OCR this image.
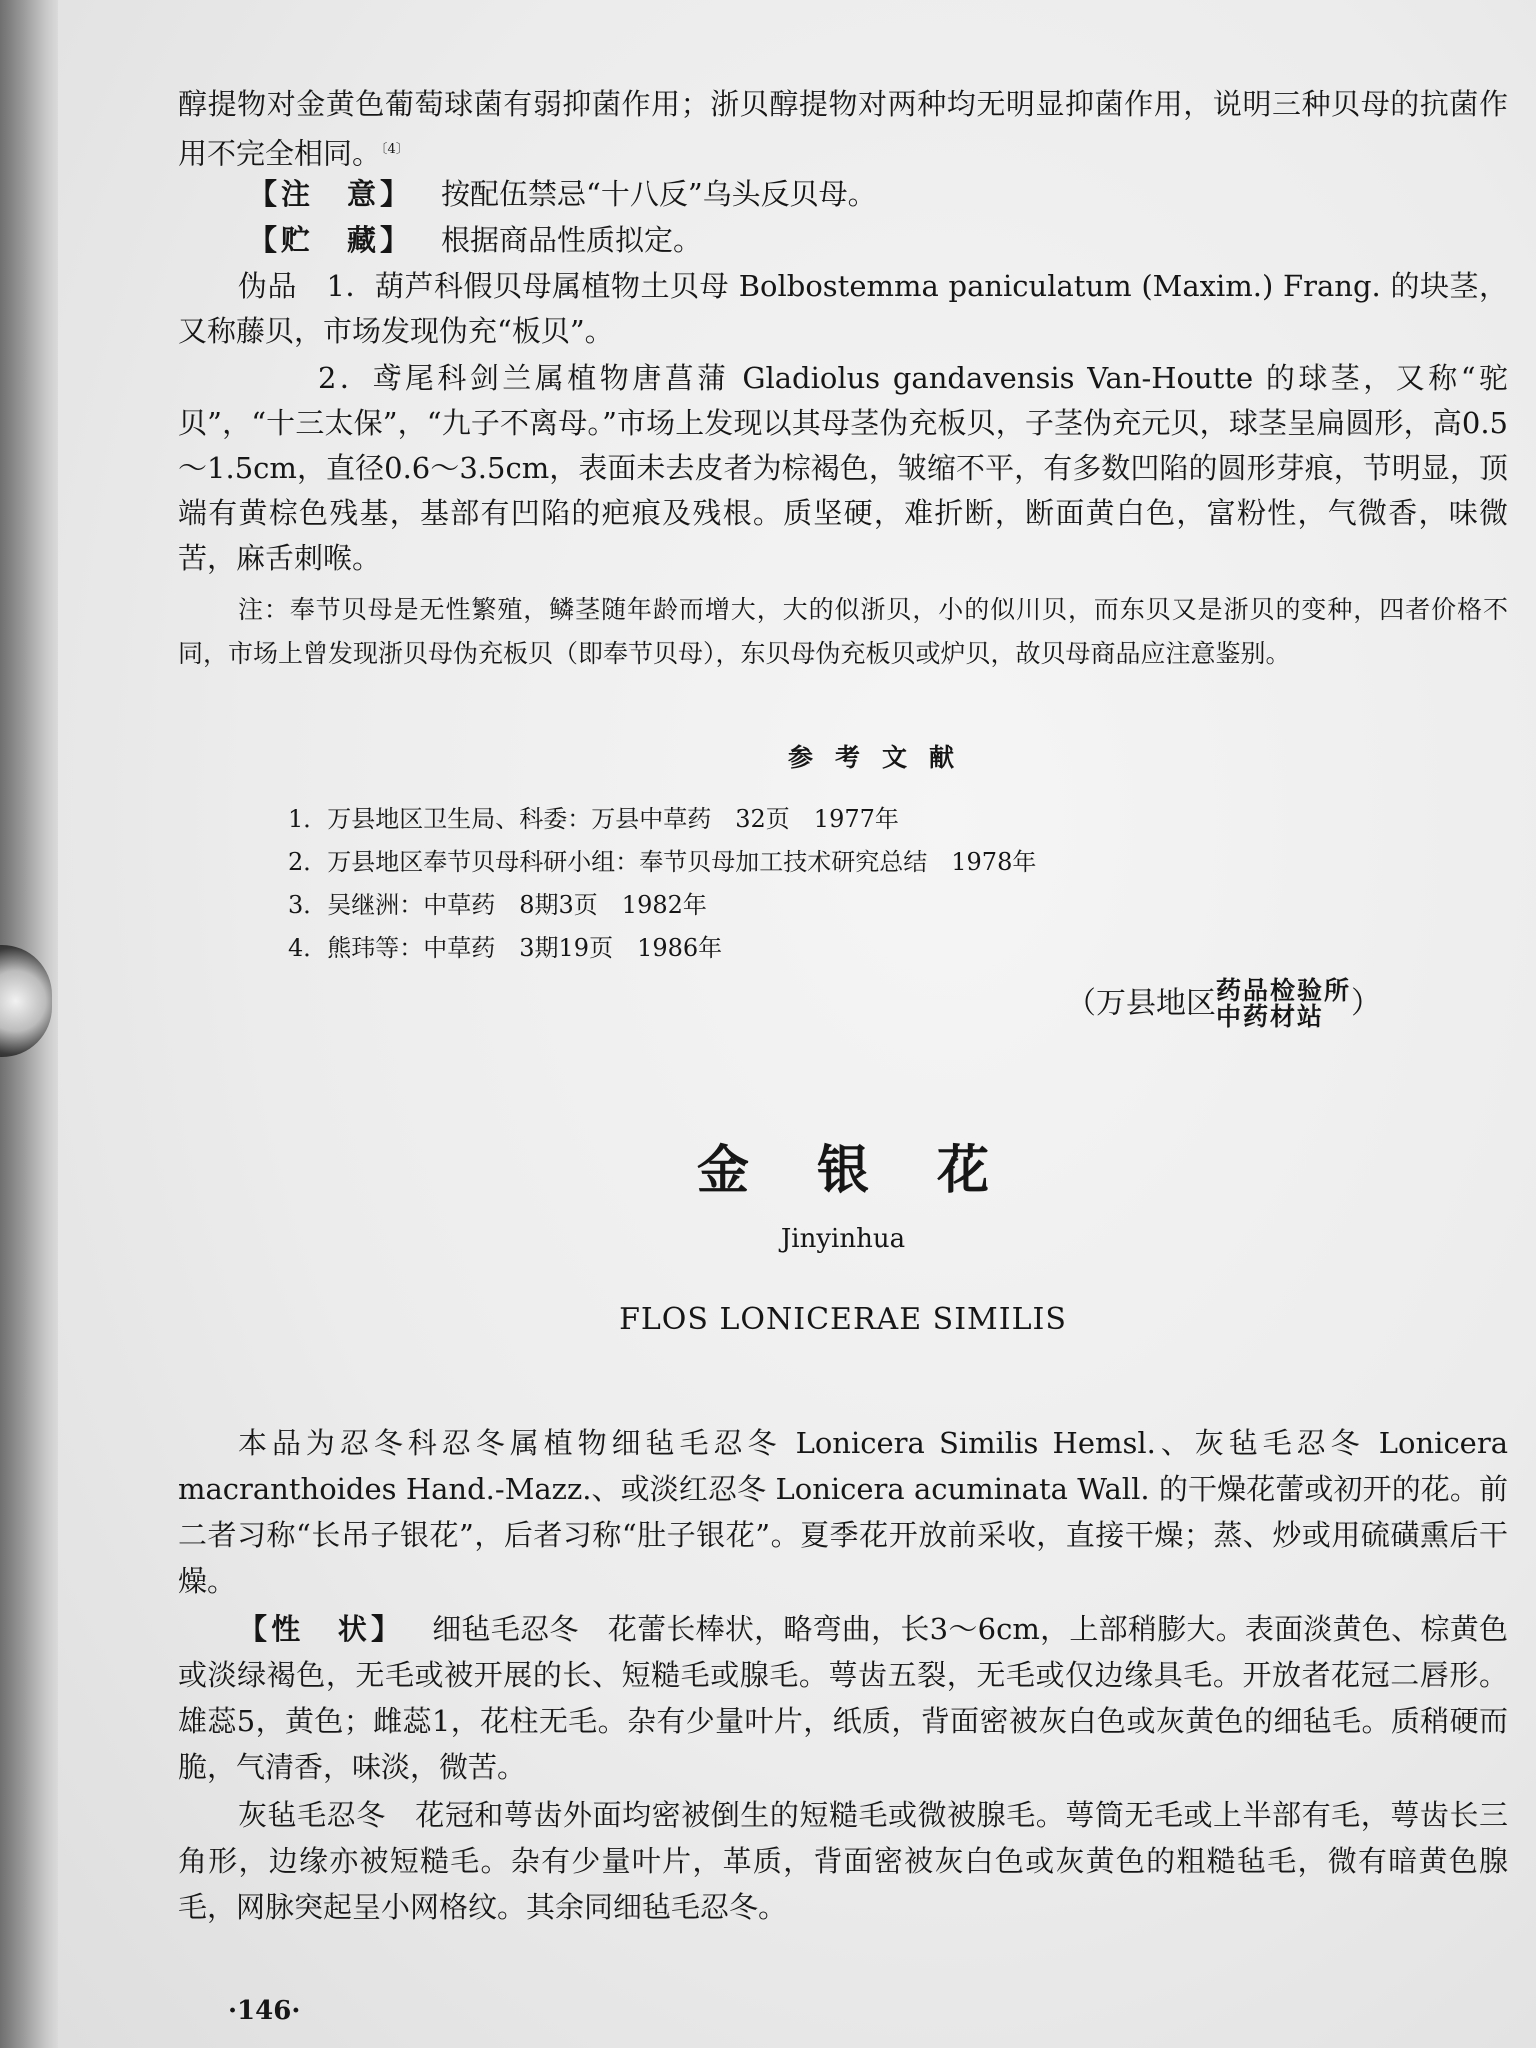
醇提物对金黄色葡萄球菌有弱抑菌作用；浙贝醇提物对两种均无明显抑菌作用，说明三种贝母的抗菌作用不完全相同。$^{〔4〕}$

【注　意】 按配伍禁忌“十八反”乌头反贝母。

【贮　藏】 根据商品性质拟定。

伪品　1．葫芦科假贝母属植物土贝母 Bolbostemma paniculatum (Maxim.) Frang. 的块茎，又称藤贝，市场发现伪充“板贝”。

2．鸢尾科剑兰属植物唐菖蒲 Gladiolus gandavensis Van-Houtte 的球茎，又称“驼贝”，“十三太保”，“九子不离母。”市场上发现以其母茎伪充板贝，子茎伪充元贝，球茎呈扁圆形，高0.5～1.5cm，直径0.6～3.5cm，表面未去皮者为棕褐色，皱缩不平，有多数凹陷的圆形芽痕，节明显，顶端有黄棕色残基，基部有凹陷的疤痕及残根。质坚硬，难折断，断面黄白色，富粉性，气微香，味微苦，麻舌刺喉。

注：奉节贝母是无性繁殖，鳞茎随年龄而增大，大的似浙贝，小的似川贝，而东贝又是浙贝的变种，四者价格不同，市场上曾发现浙贝母伪充板贝（即奉节贝母），东贝母伪充板贝或炉贝，故贝母商品应注意鉴别。

参考文献
1．万县地区卫生局、科委：万县中草药　32页　1977年
2．万县地区奉节贝母科研小组：奉节贝母加工技术研究总结　1978年
3．吴继洲：中草药　8期3页　1982年
4．熊玮等：中草药　3期19页　1986年
（万县地区 药品检验所
中药材站 ）
金银花
Jinyinhua
FLOS LONICERAE SIMILIS

本品为忍冬科忍冬属植物细毡毛忍冬 Lonicera Similis Hemsl.、灰毡毛忍冬 Lonicera macranthoides Hand.-Mazz.、或淡红忍冬 Lonicera acuminata Wall. 的干燥花蕾或初开的花。前二者习称“长吊子银花”，后者习称“肚子银花”。夏季花开放前采收，直接干燥；蒸、炒或用硫磺熏后干燥。

【性　状】 细毡毛忍冬　花蕾长棒状，略弯曲，长3～6cm，上部稍膨大。表面淡黄色、棕黄色或淡绿褐色，无毛或被开展的长、短糙毛或腺毛。萼齿五裂，无毛或仅边缘具毛。开放者花冠二唇形。雄蕊5，黄色；雌蕊1，花柱无毛。杂有少量叶片，纸质，背面密被灰白色或灰黄色的细毡毛。质稍硬而脆，气清香，味淡，微苦。

灰毡毛忍冬　花冠和萼齿外面均密被倒生的短糙毛或微被腺毛。萼筒无毛或上半部有毛，萼齿长三角形，边缘亦被短糙毛。杂有少量叶片，革质，背面密被灰白色或灰黄色的粗糙毡毛，微有暗黄色腺毛，网脉突起呈小网格纹。其余同细毡毛忍冬。

·146·
